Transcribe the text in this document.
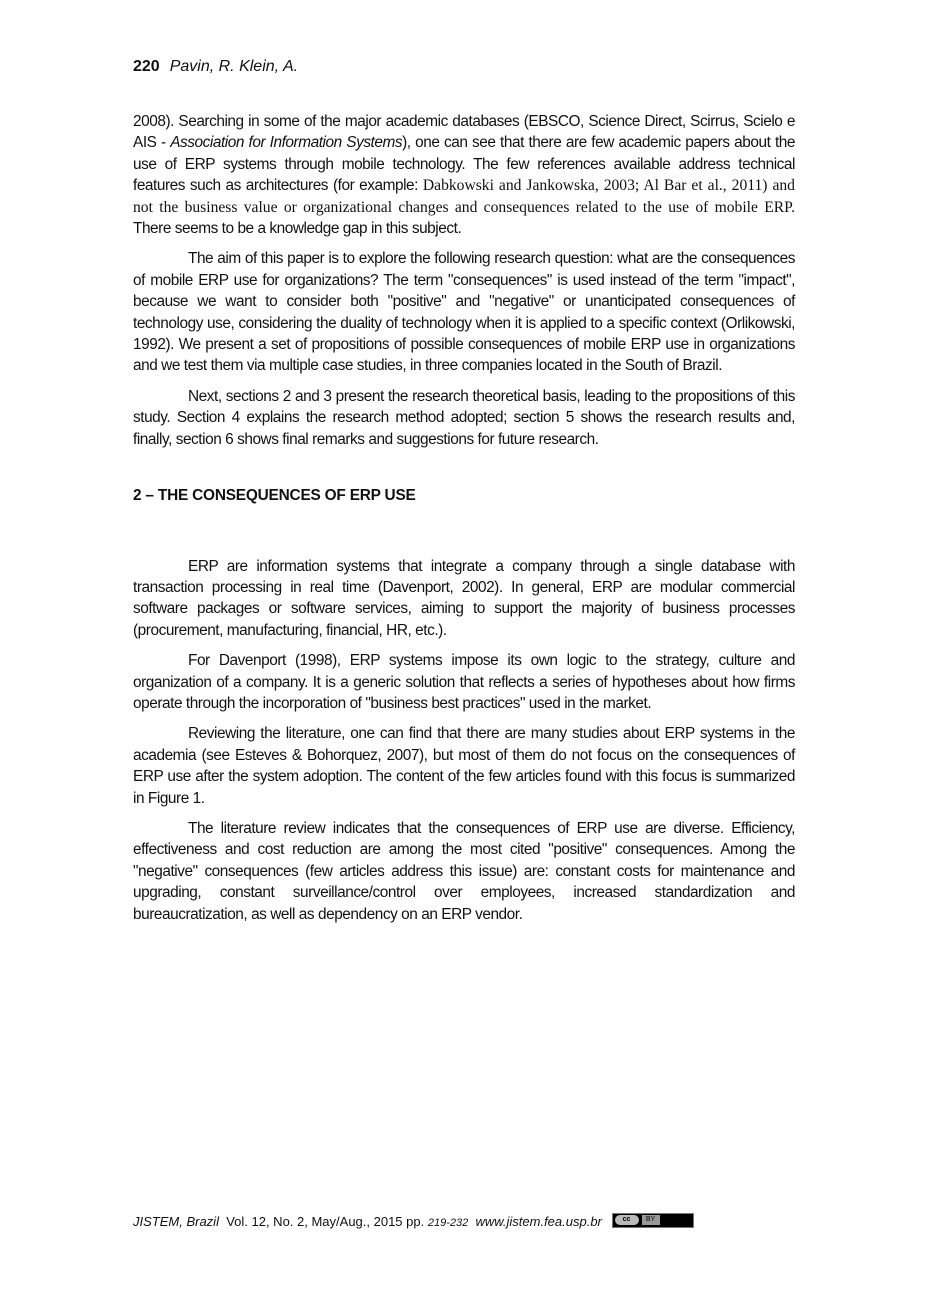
220 Pavin, R. Klein, A.

2008). Searching in some of the major academic databases (EBSCO, Science Direct, Scirrus, Scielo e AIS - Association for Information Systems), one can see that there are few academic papers about the use of ERP systems through mobile technology. The few references available address technical features such as architectures (for example: Dabkowski and Jankowska, 2003; Al Bar et al., 2011) and not the business value or organizational changes and consequences related to the use of mobile ERP. There seems to be a knowledge gap in this subject.

The aim of this paper is to explore the following research question: what are the consequences of mobile ERP use for organizations? The term "consequences" is used instead of the term "impact", because we want to consider both "positive" and "negative" or unanticipated consequences of technology use, considering the duality of technology when it is applied to a specific context (Orlikowski, 1992). We present a set of propositions of possible consequences of mobile ERP use in organizations and we test them via multiple case studies, in three companies located in the South of Brazil.

Next, sections 2 and 3 present the research theoretical basis, leading to the propositions of this study. Section 4 explains the research method adopted; section 5 shows the research results and, finally, section 6 shows final remarks and suggestions for future research.

2 – THE CONSEQUENCES OF ERP USE

ERP are information systems that integrate a company through a single database with transaction processing in real time (Davenport, 2002). In general, ERP are modular commercial software packages or software services, aiming to support the majority of business processes (procurement, manufacturing, financial, HR, etc.).

For Davenport (1998), ERP systems impose its own logic to the strategy, culture and organization of a company. It is a generic solution that reflects a series of hypotheses about how firms operate through the incorporation of "business best practices" used in the market.

Reviewing the literature, one can find that there are many studies about ERP systems in the academia (see Esteves & Bohorquez, 2007), but most of them do not focus on the consequences of ERP use after the system adoption. The content of the few articles found with this focus is summarized in Figure 1.

The literature review indicates that the consequences of ERP use are diverse. Efficiency, effectiveness and cost reduction are among the most cited "positive" consequences. Among the "negative" consequences (few articles address this issue) are: constant costs for maintenance and upgrading, constant surveillance/control over employees, increased standardization and bureaucratization, as well as dependency on an ERP vendor.

JISTEM, Brazil Vol. 12, No. 2, May/Aug., 2015 pp. 219-232 www.jistem.fea.usp.br	cc	BY
